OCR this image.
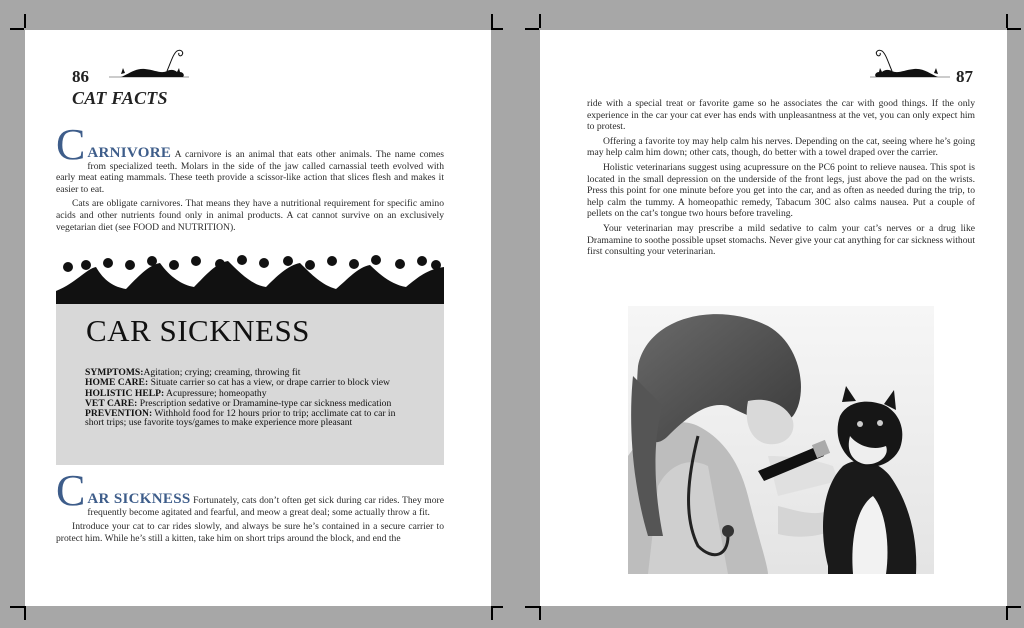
86
CAT FACTS

C ARNIVORE A carnivore is an animal that eats other animals. The name comes from specialized teeth. Molars in the side of the jaw called carnassial teeth evolved with early meat eating mammals. These teeth provide a scissor-like action that slices flesh and makes it easier to eat.

Cats are obligate carnivores. That means they have a nutritional requirement for specific amino acids and other nutrients found only in animal products. A cat cannot survive on an exclusively vegetarian diet (see FOOD and NUTRITION).

CAR SICKNESS
SYMPTOMS:Agitation; crying; creaming, throwing fit
HOME CARE: Situate carrier so cat has a view, or drape carrier to block view
HOLISTIC HELP: Acupressure; homeopathy
VET CARE: Prescription sedative or Dramamine-type car sickness medication
PREVENTION: Withhold food for 12 hours prior to trip; acclimate cat to car in short trips; use favorite toys/games to make experience more pleasant

C AR SICKNESS Fortunately, cats don’t often get sick during car rides. They more frequently become agitated and fearful, and meow a great deal; some actually throw a fit.

Introduce your cat to car rides slowly, and always be sure he’s contained in a secure carrier to protect him. While he’s still a kitten, take him on short trips around the block, and end the

87

ride with a special treat or favorite game so he associates the car with good things. If the only experience in the car your cat ever has ends with unpleasantness at the vet, you can only expect him to protest.

Offering a favorite toy may help calm his nerves. Depending on the cat, seeing where he’s going may help calm him down; other cats, though, do better with a towel draped over the carrier.

Holistic veterinarians suggest using acupressure on the PC6 point to relieve nausea. This spot is located in the small depression on the underside of the front legs, just above the pad on the wrists. Press this point for one minute before you get into the car, and as often as needed during the trip, to help calm the tummy. A homeopathic remedy, Tabacum 30C also calms nausea. Put a couple of pellets on the cat’s tongue two hours before traveling.

Your veterinarian may prescribe a mild sedative to calm your cat’s nerves or a drug like Dramamine to soothe possible upset stomachs. Never give your cat anything for car sickness without first consulting your veterinarian.
